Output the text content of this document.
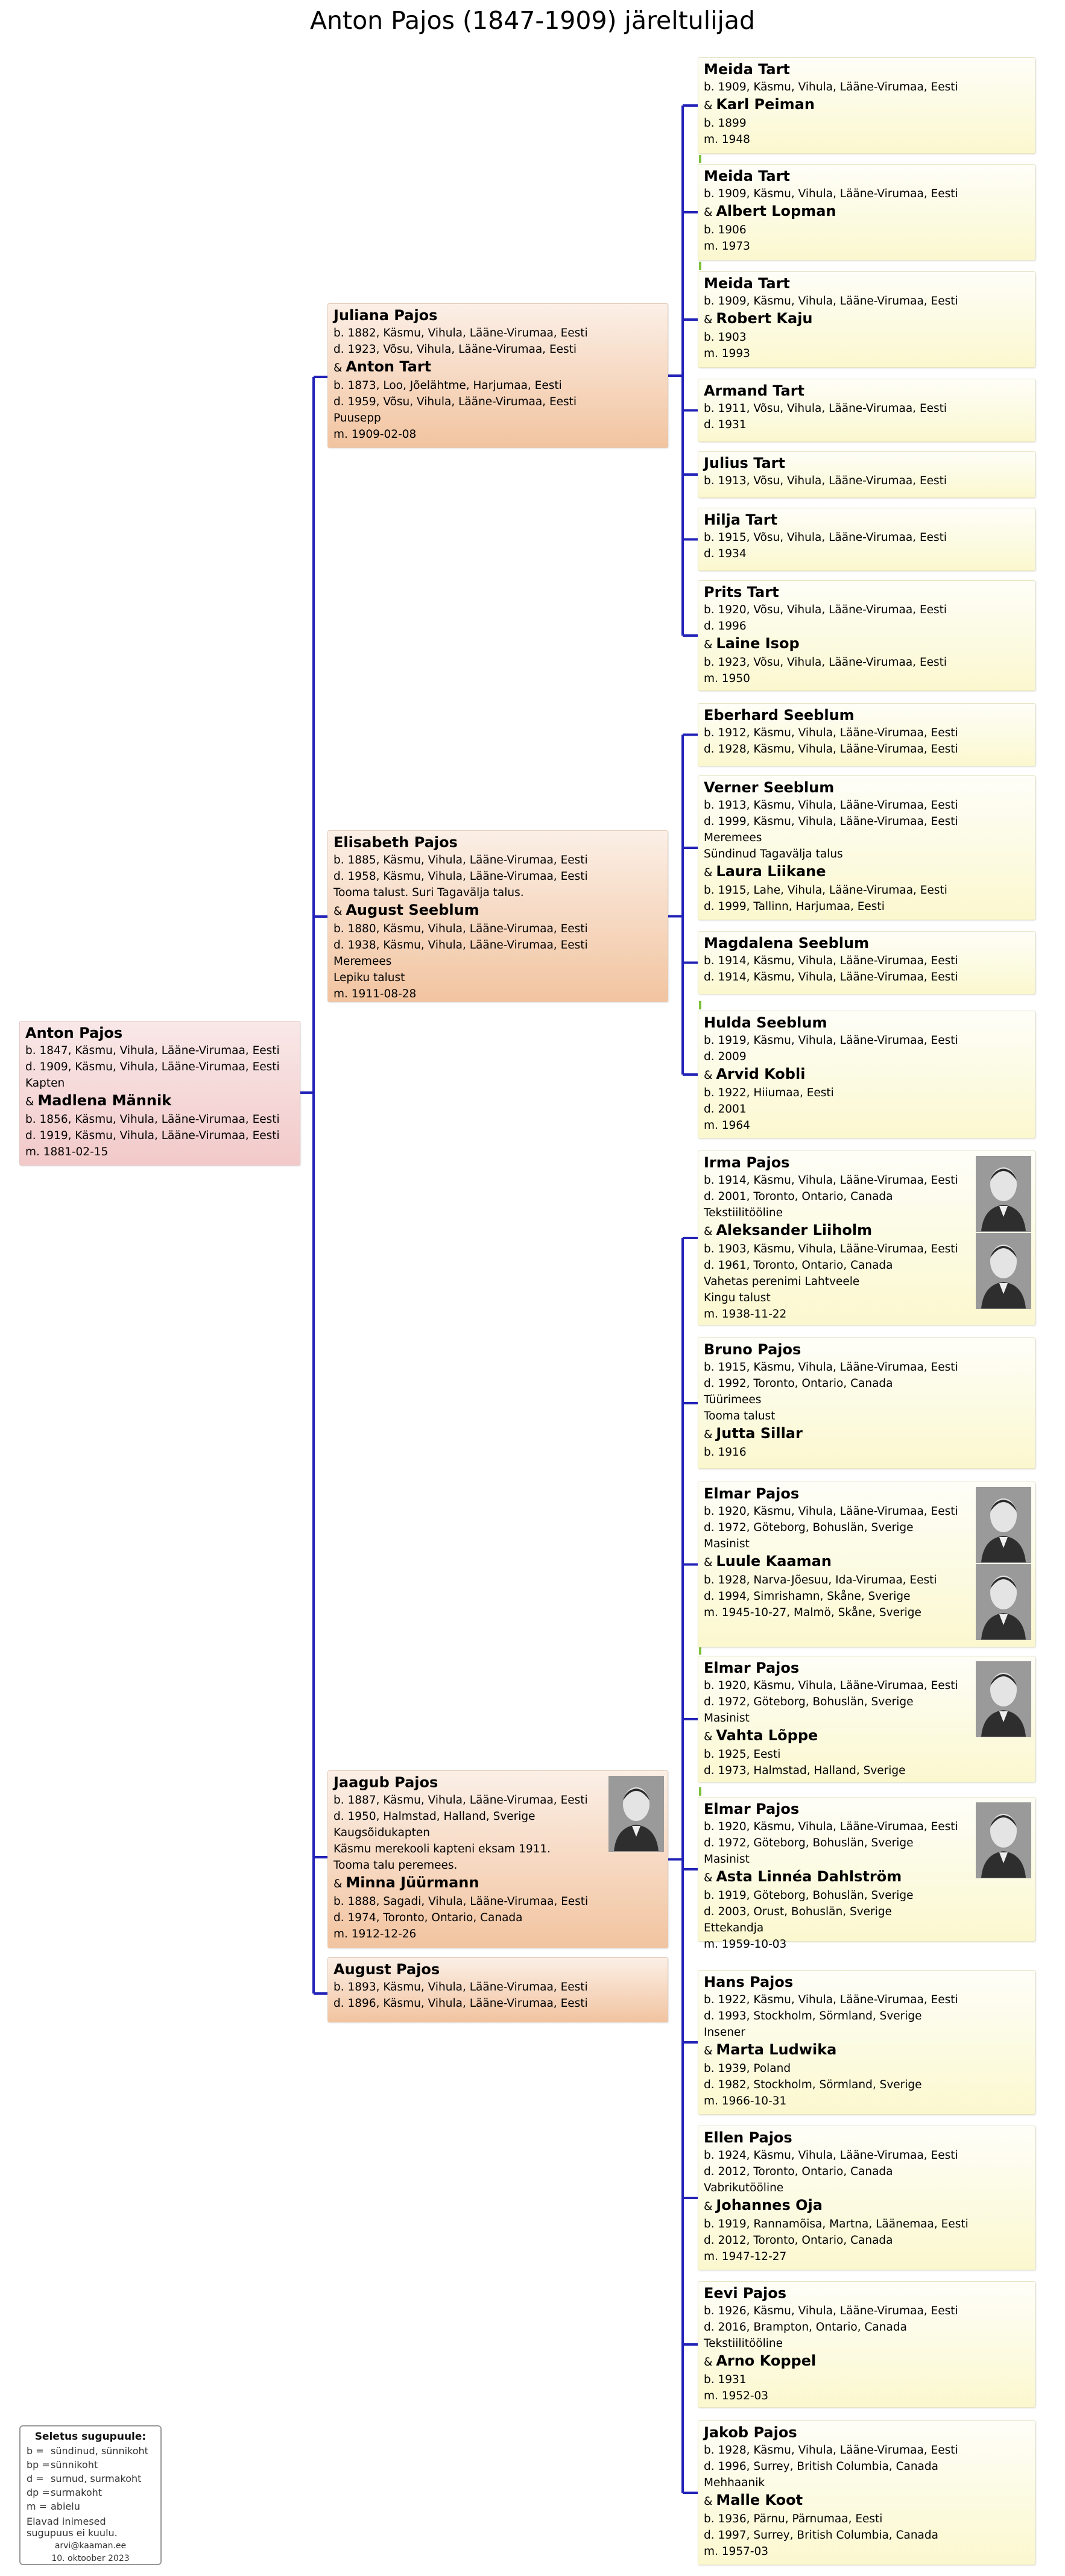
Anton Pajos (1847-1909) järeltulijad
Anton Pajos
b. 1847, Käsmu, Vihula, Lääne-Virumaa, Eesti
d. 1909, Käsmu, Vihula, Lääne-Virumaa, Eesti
Kapten
& Madlena Männik
b. 1856, Käsmu, Vihula, Lääne-Virumaa, Eesti
d. 1919, Käsmu, Vihula, Lääne-Virumaa, Eesti
m. 1881-02-15
Juliana Pajos
b. 1882, Käsmu, Vihula, Lääne-Virumaa, Eesti
d. 1923, Võsu, Vihula, Lääne-Virumaa, Eesti
& Anton Tart
b. 1873, Loo, Jõelähtme, Harjumaa, Eesti
d. 1959, Võsu, Vihula, Lääne-Virumaa, Eesti
Puusepp
m. 1909-02-08
Elisabeth Pajos
b. 1885, Käsmu, Vihula, Lääne-Virumaa, Eesti
d. 1958, Käsmu, Vihula, Lääne-Virumaa, Eesti
Tooma talust. Suri Tagavälja talus.
& August Seeblum
b. 1880, Käsmu, Vihula, Lääne-Virumaa, Eesti
d. 1938, Käsmu, Vihula, Lääne-Virumaa, Eesti
Meremees
Lepiku talust
m. 1911-08-28
Jaagub Pajos
b. 1887, Käsmu, Vihula, Lääne-Virumaa, Eesti
d. 1950, Halmstad, Halland, Sverige
Kaugsõidukapten
Käsmu merekooli kapteni eksam 1911.
Tooma talu peremees.
& Minna Jüürmann
b. 1888, Sagadi, Vihula, Lääne-Virumaa, Eesti
d. 1974, Toronto, Ontario, Canada
m. 1912-12-26
August Pajos
b. 1893, Käsmu, Vihula, Lääne-Virumaa, Eesti
d. 1896, Käsmu, Vihula, Lääne-Virumaa, Eesti
Meida Tart
b. 1909, Käsmu, Vihula, Lääne-Virumaa, Eesti
& Karl Peiman
b. 1899
m. 1948
Meida Tart
b. 1909, Käsmu, Vihula, Lääne-Virumaa, Eesti
& Albert Lopman
b. 1906
m. 1973
Meida Tart
b. 1909, Käsmu, Vihula, Lääne-Virumaa, Eesti
& Robert Kaju
b. 1903
m. 1993
Armand Tart
b. 1911, Võsu, Vihula, Lääne-Virumaa, Eesti
d. 1931
Julius Tart
b. 1913, Võsu, Vihula, Lääne-Virumaa, Eesti
Hilja Tart
b. 1915, Võsu, Vihula, Lääne-Virumaa, Eesti
d. 1934
Prits Tart
b. 1920, Võsu, Vihula, Lääne-Virumaa, Eesti
d. 1996
& Laine Isop
b. 1923, Võsu, Vihula, Lääne-Virumaa, Eesti
m. 1950
Eberhard Seeblum
b. 1912, Käsmu, Vihula, Lääne-Virumaa, Eesti
d. 1928, Käsmu, Vihula, Lääne-Virumaa, Eesti
Verner Seeblum
b. 1913, Käsmu, Vihula, Lääne-Virumaa, Eesti
d. 1999, Käsmu, Vihula, Lääne-Virumaa, Eesti
Meremees
Sündinud Tagavälja talus
& Laura Liikane
b. 1915, Lahe, Vihula, Lääne-Virumaa, Eesti
d. 1999, Tallinn, Harjumaa, Eesti
Magdalena Seeblum
b. 1914, Käsmu, Vihula, Lääne-Virumaa, Eesti
d. 1914, Käsmu, Vihula, Lääne-Virumaa, Eesti
Hulda Seeblum
b. 1919, Käsmu, Vihula, Lääne-Virumaa, Eesti
d. 2009
& Arvid Kobli
b. 1922, Hiiumaa, Eesti
d. 2001
m. 1964
Irma Pajos
b. 1914, Käsmu, Vihula, Lääne-Virumaa, Eesti
d. 2001, Toronto, Ontario, Canada
Tekstiilitööline
& Aleksander Liiholm
b. 1903, Käsmu, Vihula, Lääne-Virumaa, Eesti
d. 1961, Toronto, Ontario, Canada
Vahetas perenimi Lahtveele
Kingu talust
m. 1938-11-22
Bruno Pajos
b. 1915, Käsmu, Vihula, Lääne-Virumaa, Eesti
d. 1992, Toronto, Ontario, Canada
Tüürimees
Tooma talust
& Jutta Sillar
b. 1916
Elmar Pajos
b. 1920, Käsmu, Vihula, Lääne-Virumaa, Eesti
d. 1972, Göteborg, Bohuslän, Sverige
Masinist
& Luule Kaaman
b. 1928, Narva-Jõesuu, Ida-Virumaa, Eesti
d. 1994, Simrishamn, Skåne, Sverige
m. 1945-10-27, Malmö, Skåne, Sverige
Elmar Pajos
b. 1920, Käsmu, Vihula, Lääne-Virumaa, Eesti
d. 1972, Göteborg, Bohuslän, Sverige
Masinist
& Vahta Lõppe
b. 1925, Eesti
d. 1973, Halmstad, Halland, Sverige
Elmar Pajos
b. 1920, Käsmu, Vihula, Lääne-Virumaa, Eesti
d. 1972, Göteborg, Bohuslän, Sverige
Masinist
& Asta Linnéa Dahlström
b. 1919, Göteborg, Bohuslän, Sverige
d. 2003, Orust, Bohuslän, Sverige
Ettekandja
m. 1959-10-03
Hans Pajos
b. 1922, Käsmu, Vihula, Lääne-Virumaa, Eesti
d. 1993, Stockholm, Sörmland, Sverige
Insener
& Marta Ludwika
b. 1939, Poland
d. 1982, Stockholm, Sörmland, Sverige
m. 1966-10-31
Ellen Pajos
b. 1924, Käsmu, Vihula, Lääne-Virumaa, Eesti
d. 2012, Toronto, Ontario, Canada
Vabrikutööline
& Johannes Oja
b. 1919, Rannamõisa, Martna, Läänemaa, Eesti
d. 2012, Toronto, Ontario, Canada
m. 1947-12-27
Eevi Pajos
b. 1926, Käsmu, Vihula, Lääne-Virumaa, Eesti
d. 2016, Brampton, Ontario, Canada
Tekstiilitööline
& Arno Koppel
b. 1931
m. 1952-03
Jakob Pajos
b. 1928, Käsmu, Vihula, Lääne-Virumaa, Eesti
d. 1996, Surrey, British Columbia, Canada
Mehhaanik
& Malle Koot
b. 1936, Pärnu, Pärnumaa, Eesti
d. 1997, Surrey, British Columbia, Canada
m. 1957-03
Seletus sugupuule:
b = sündinud, sünnikoht
bp =sünnikoht
d = surnud, surmakoht
dp =surmakoht
m = abielu
Elavad inimesed sugupuus ei kuulu.
arvi@kaaman.ee
10. oktoober 2023
